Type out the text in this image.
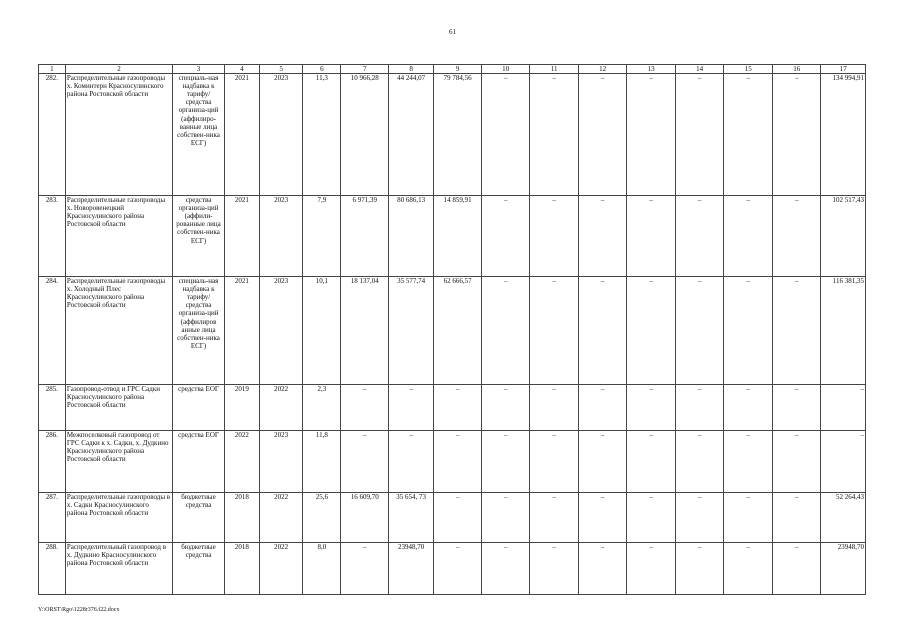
61
1	2	3	4	5	6	7	8	9	10	11	12	13	14	15	16	17
282.	Распределительные газопроводы х. Коминтерн Красносулинского района Ростовской области	специаль-ная надбавка к тарифу/ средства организа-ций (аффилиро-ванные лица собствен-ника ЕСГ)	2021	2023	11,3	10 966,28	44 244,07	79 784,56	–	–	–	–	–	–	–	134 994,91
283.	Распределительные газопроводы х. Новоровенецкий Красносулинского района Ростовской области	средства организа-ций (аффили-рованные лица собствен-ника ЕСГ)	2021	2023	7,9	6 971,39	80 686,13	14 859,91	–	–	–	–	–	–	–	102 517,43
284.	Распределительные газопроводы х. Холодный Плес Красносулинского района Ростовской области	специаль-ная надбавка к тарифу/ средства организа-ций (аффилиров анные лица собствен-ника ЕСГ)	2021	2023	10,1	18 137,04	35 577,74	62 666,57	–	–	–	–	–	–	–	116 381,35
285.	Газопровод-отвод и ГРС Садки Красносулинского района Ростовской области	средства ЕОГ	2019	2022	2,3	–	–	–	–	–	–	–	–	–	–	–
286.	Межпоселковый газопровод от ГРС Садки к х. Садки, х. Дудкино Красносулинского района Ростовской области	средства ЕОГ	2022	2023	11,8	–	–	–	–	–	–	–	–	–	–	–
287.	Распределительные газопроводы в х. Садки Красносулинского района Ростовской области	бюджетные средства	2018	2022	25,6	16 609,70	35 654, 73	–	–	–	–	–	–	–	–	52 264,43
288.	Распределительный газопровод в х. Дудкино Красносулинского района Ростовской области	бюджетные средства	2018	2022	8,0	–	23948,70	–	–	–	–	–	–	–	–	23948,70
Y:\ORST\Rgo\1228r376.f22.docx
